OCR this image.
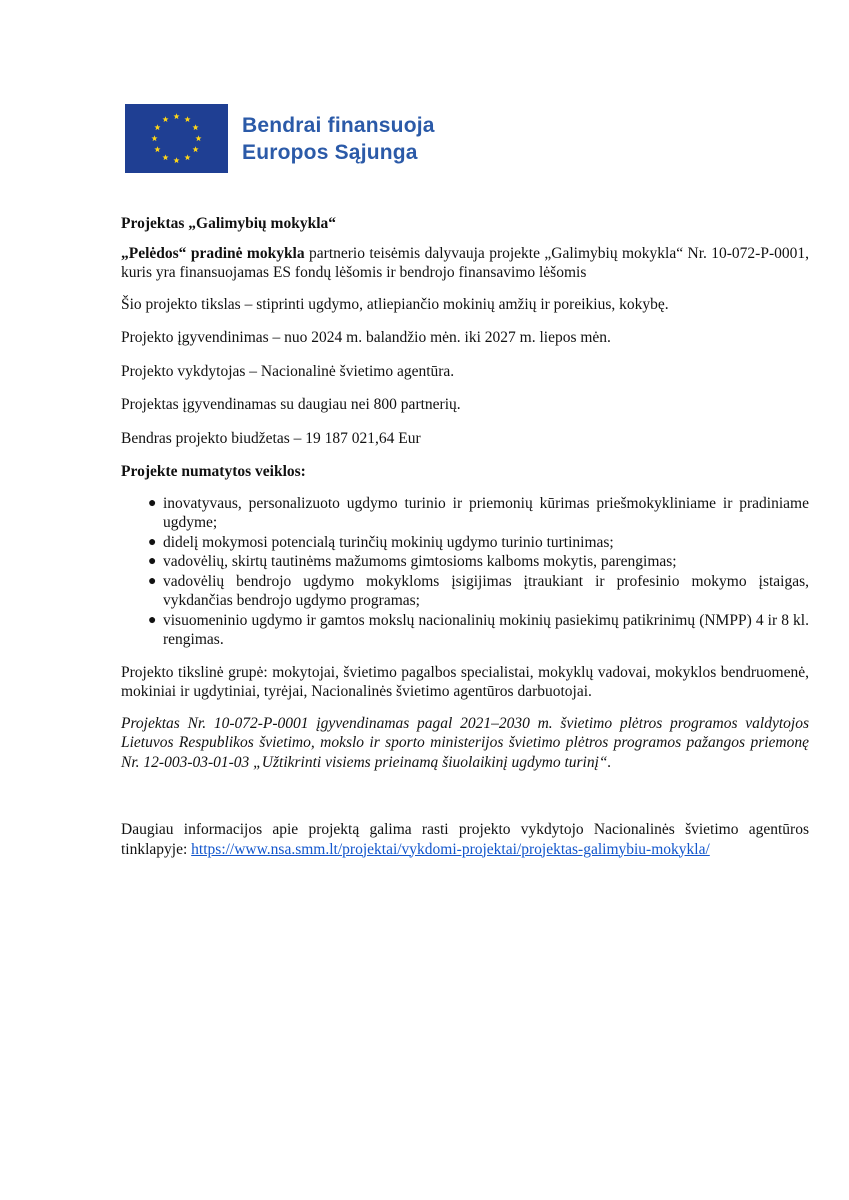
Bendrai finansuoja
Europos Sąjunga

Projektas „Galimybių mokykla“

„Pelėdos“ pradinė mokykla partnerio teisėmis dalyvauja projekte „Galimybių mokykla“ Nr. 10-072-P-0001, kuris yra finansuojamas ES fondų lėšomis ir bendrojo finansavimo lėšomis

Šio projekto tikslas – stiprinti ugdymo, atliepiančio mokinių amžių ir poreikius, kokybę.

Projekto įgyvendinimas – nuo 2024 m. balandžio mėn. iki 2027 m. liepos mėn.

Projekto vykdytojas – Nacionalinė švietimo agentūra.

Projektas įgyvendinamas su daugiau nei 800 partnerių.

Bendras projekto biudžetas – 19 187 021,64 Eur

Projekte numatytos veiklos:

● inovatyvaus, personalizuoto ugdymo turinio ir priemonių kūrimas priešmokykliniame ir pradiniame ugdyme;
● didelį mokymosi potencialą turinčių mokinių ugdymo turinio turtinimas;
● vadovėlių, skirtų tautinėms mažumoms gimtosioms kalboms mokytis, parengimas;
● vadovėlių bendrojo ugdymo mokykloms įsigijimas įtraukiant ir profesinio mokymo įstaigas, vykdančias bendrojo ugdymo programas;
● visuomeninio ugdymo ir gamtos mokslų nacionalinių mokinių pasiekimų patikrinimų (NMPP) 4 ir 8 kl. rengimas.

Projekto tikslinė grupė: mokytojai, švietimo pagalbos specialistai, mokyklų vadovai, mokyklos bendruomenė, mokiniai ir ugdytiniai, tyrėjai, Nacionalinės švietimo agentūros darbuotojai.

Projektas Nr. 10-072-P-0001 įgyvendinamas pagal 2021–2030 m. švietimo plėtros programos valdytojos Lietuvos Respublikos švietimo, mokslo ir sporto ministerijos švietimo plėtros programos pažangos priemonę Nr. 12-003-03-01-03 „Užtikrinti visiems prieinamą šiuolaikinį ugdymo turinį“.

Daugiau informacijos apie projektą galima rasti projekto vykdytojo Nacionalinės švietimo agentūros tinklapyje: https://www.nsa.smm.lt/projektai/vykdomi-projektai/projektas-galimybiu-mokykla/
